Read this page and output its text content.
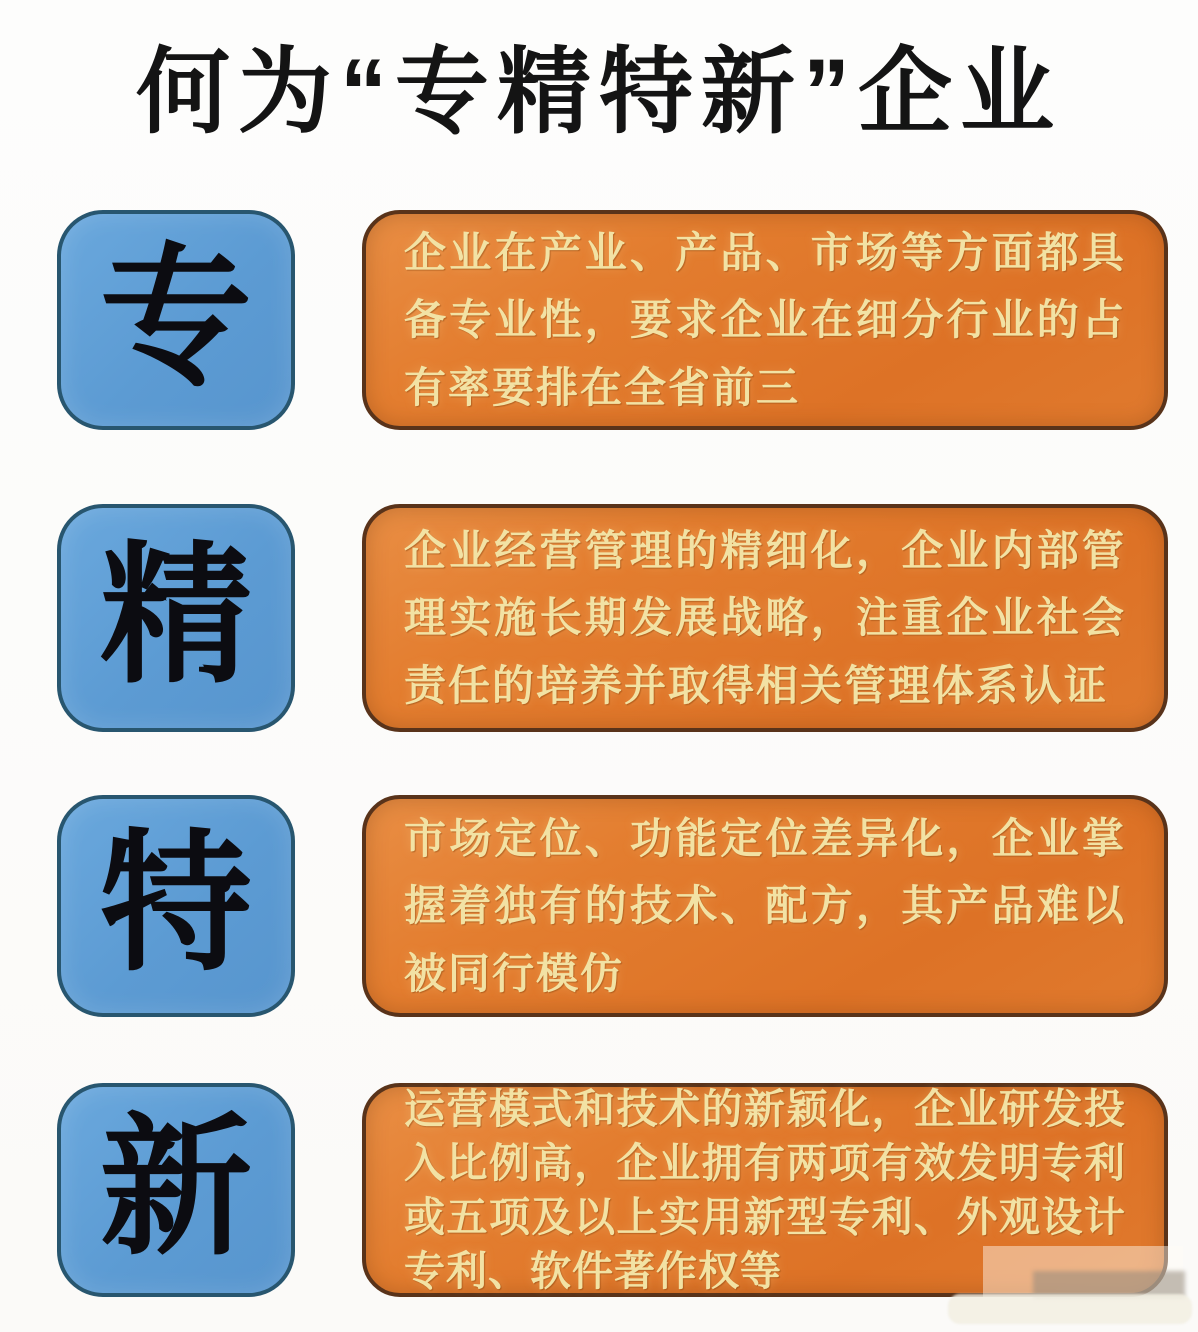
何为“专精特新”企业
专	企业在产业、产品、市场等方面都具备专业性，要求企业在细分行业的占有率要排在全省前三
精	企业经营管理的精细化，企业内部管理实施长期发展战略，注重企业社会责任的培养并取得相关管理体系认证
特	市场定位、功能定位差异化，企业掌握着独有的技术、配方，其产品难以被同行模仿
新	运营模式和技术的新颖化，企业研发投入比例高，企业拥有两项有效发明专利或五项及以上实用新型专利、外观设计专利、软件著作权等
